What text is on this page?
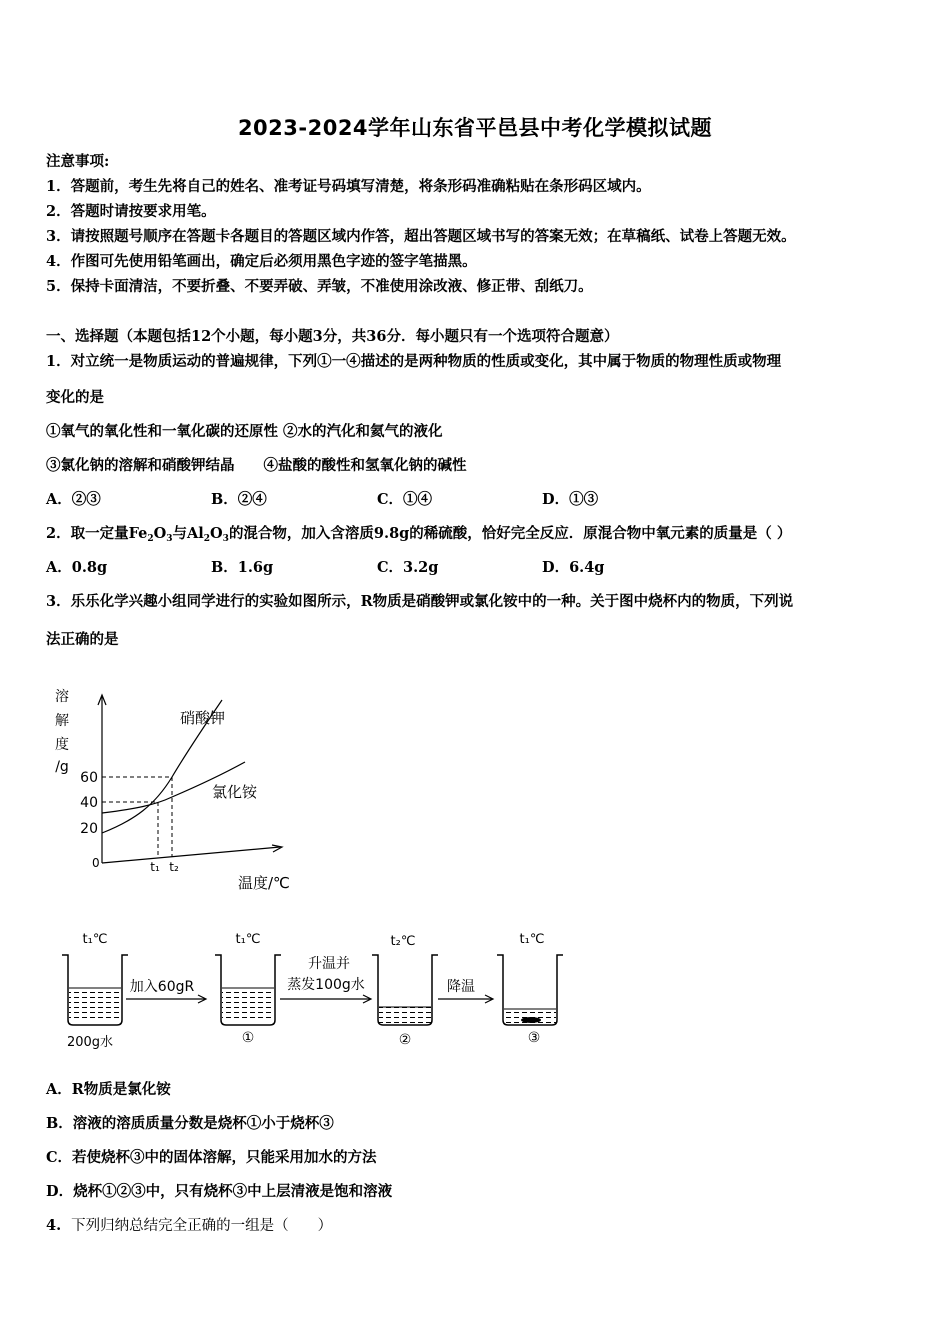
2023-2024学年山东省平邑县中考化学模拟试题
注意事项:
1．答题前，考生先将自己的姓名、准考证号码填写清楚，将条形码准确粘贴在条形码区域内。
2．答题时请按要求用笔。
3．请按照题号顺序在答题卡各题目的答题区域内作答，超出答题区域书写的答案无效；在草稿纸、试卷上答题无效。
4．作图可先使用铅笔画出，确定后必须用黑色字迹的签字笔描黑。
5．保持卡面清洁，不要折叠、不要弄破、弄皱，不准使用涂改液、修正带、刮纸刀。
一、选择题（本题包括12个小题，每小题3分，共36分．每小题只有一个选项符合题意）
1．对立统一是物质运动的普遍规律，下列①一④描述的是两种物质的性质或变化，其中属于物质的物理性质或物理
变化的是
①氧气的氧化性和一氧化碳的还原性 ②水的汽化和氦气的液化
③氯化钠的溶解和硝酸钾结晶　　④盐酸的酸性和氢氧化钠的碱性
A．②③	B．②④	C．①④	D．①③
2．取一定量$Fe_2O_3$与$Al_2O_3$的混合物，加入含溶质9.8g的稀硫酸，恰好完全反应．原混合物中氧元素的质量是（ ）
A．0.8g	B．1.6g	C．3.2g	D．6.4g
3．乐乐化学兴趣小组同学进行的实验如图所示，R物质是硝酸钾或氯化铵中的一种。关于图中烧杯内的物质，下列说
法正确的是
溶
解
度
/g
60
40
20
0
硝酸钾
氯化铵
t₁ t₂
温度/℃
t₁℃
200g水
加入60gR
t₁℃
①
升温并
蒸发100g水
t₂℃
②
降温
t₁℃
③
A．R物质是氯化铵
B．溶液的溶质质量分数是烧杯①小于烧杯③
C．若使烧杯③中的固体溶解，只能采用加水的方法
D．烧杯①②③中，只有烧杯③中上层清液是饱和溶液
4. 下列归纳总结完全正确的一组是（　　）
